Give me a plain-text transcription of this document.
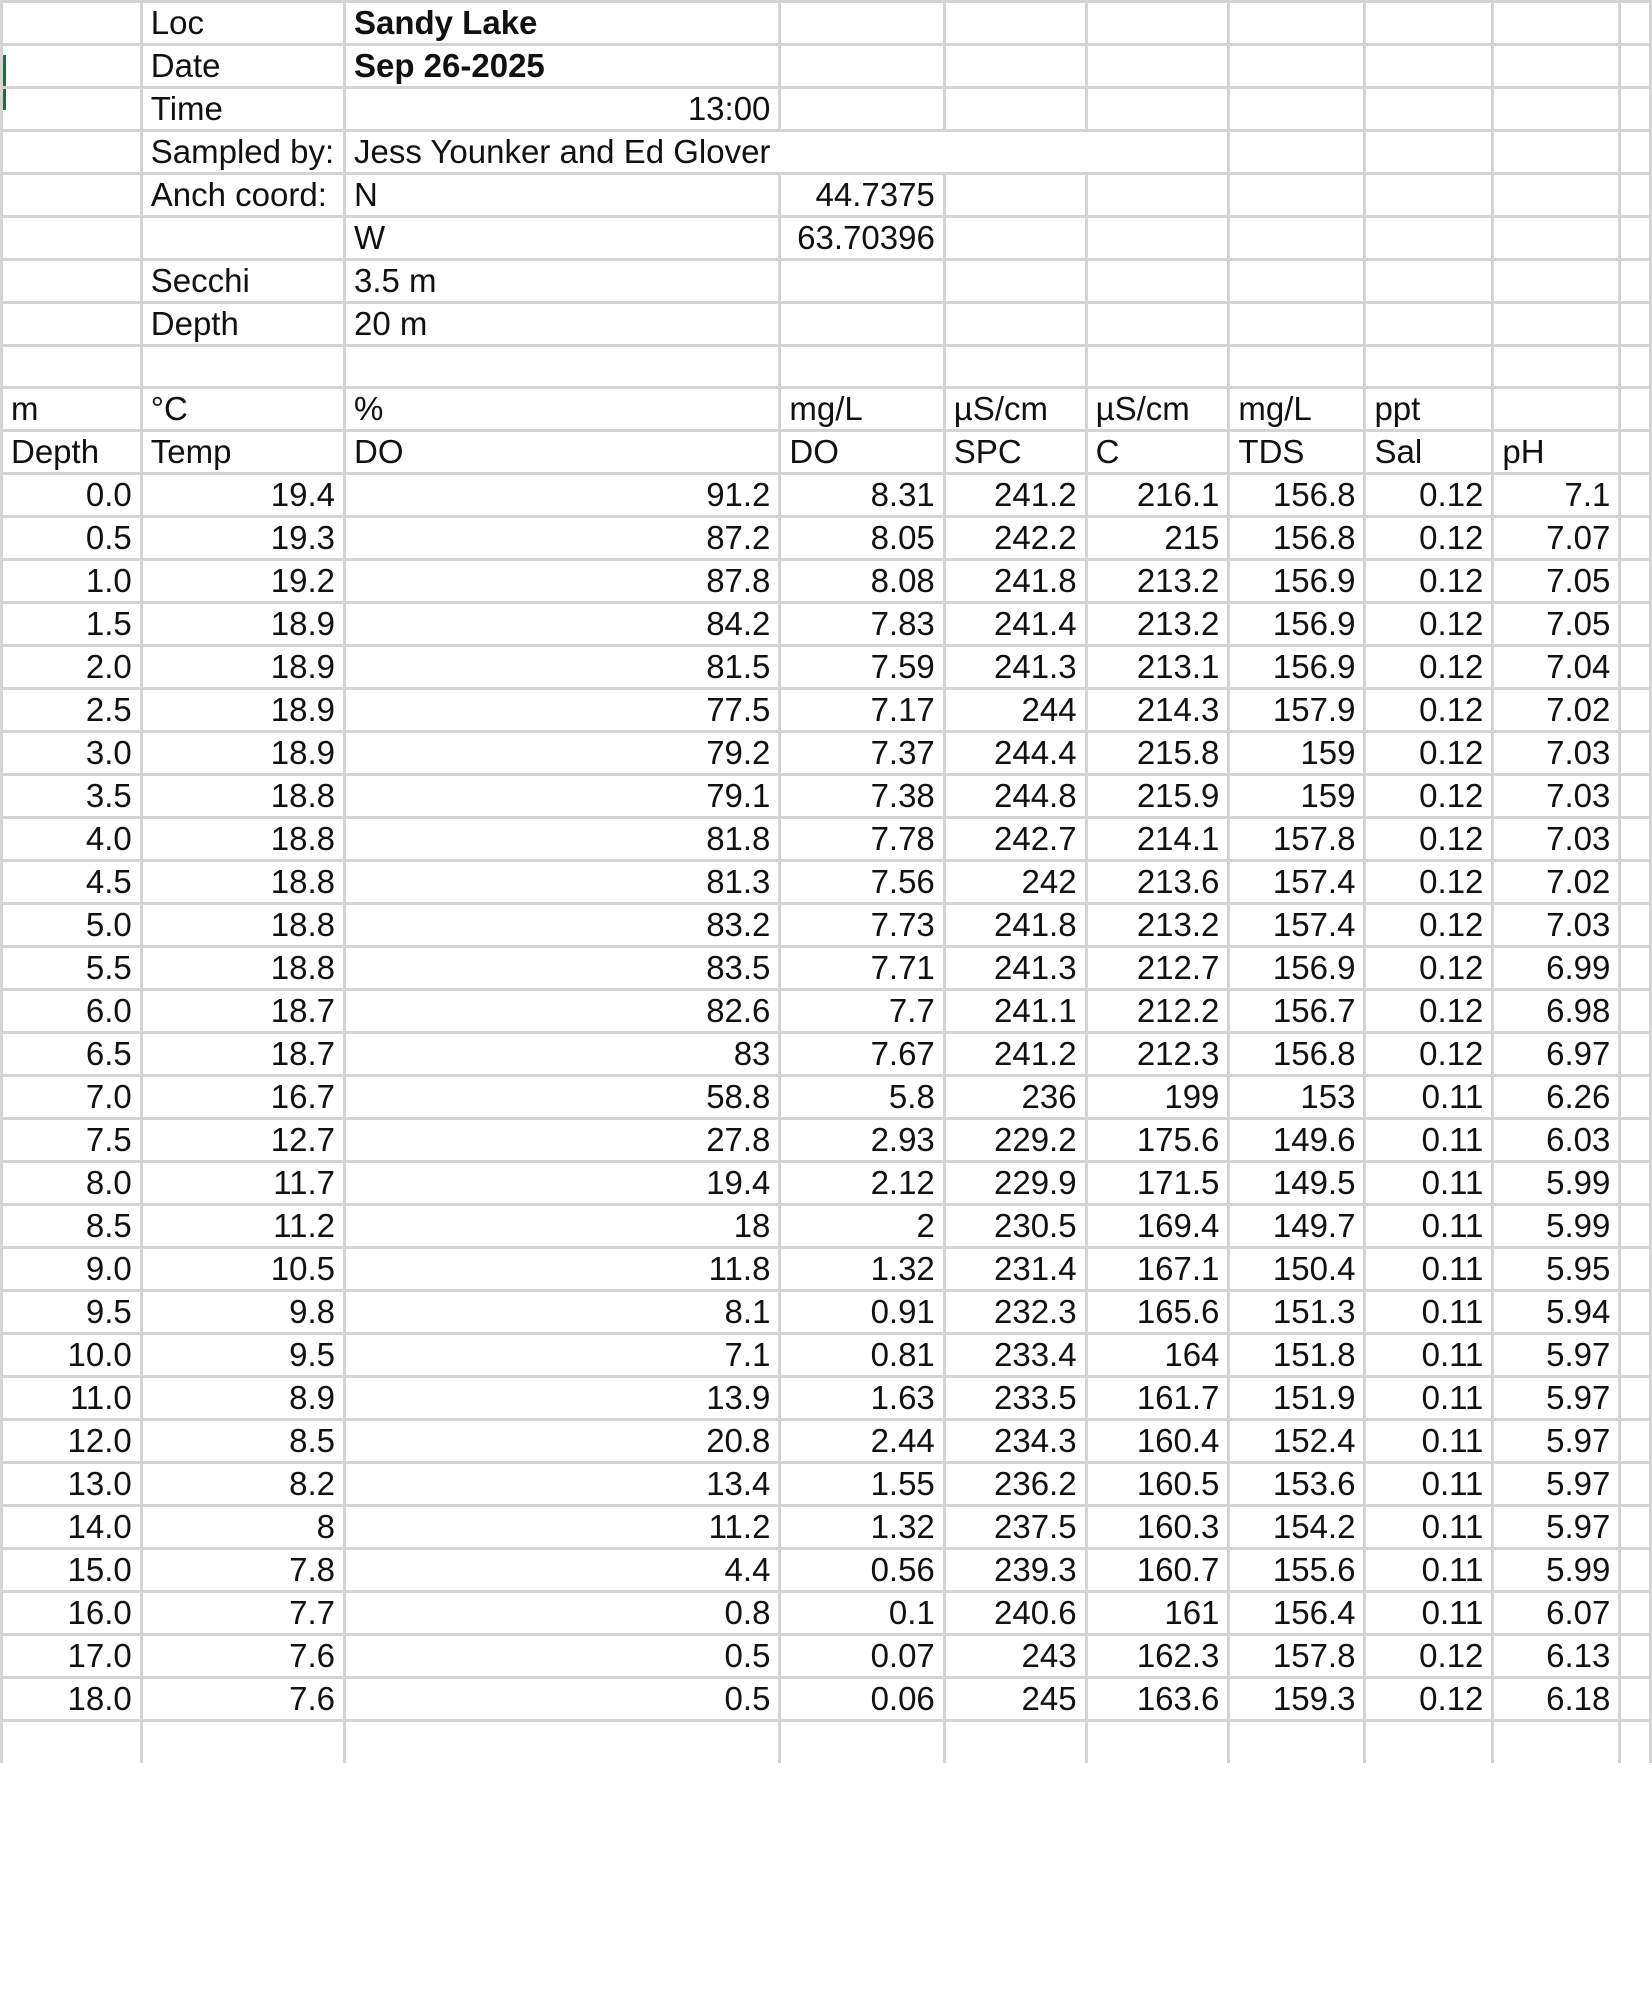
	Loc	Sandy Lake							
	Date	Sep 26-2025							
	Time	13:00							
	Sampled by:	Jess Younker and Ed Glover							
	Anch coord:	N	44.7375						
		W	63.70396						
	Secchi	3.5 m							
	Depth	20 m							

m	°C	%	mg/L	µS/cm	µS/cm	mg/L	ppt		
Depth	Temp	DO	DO	SPC	C	TDS	Sal	pH	
0.0	19.4	91.2	8.31	241.2	216.1	156.8	0.12	7.1	
0.5	19.3	87.2	8.05	242.2	215	156.8	0.12	7.07	
1.0	19.2	87.8	8.08	241.8	213.2	156.9	0.12	7.05	
1.5	18.9	84.2	7.83	241.4	213.2	156.9	0.12	7.05	
2.0	18.9	81.5	7.59	241.3	213.1	156.9	0.12	7.04	
2.5	18.9	77.5	7.17	244	214.3	157.9	0.12	7.02	
3.0	18.9	79.2	7.37	244.4	215.8	159	0.12	7.03	
3.5	18.8	79.1	7.38	244.8	215.9	159	0.12	7.03	
4.0	18.8	81.8	7.78	242.7	214.1	157.8	0.12	7.03	
4.5	18.8	81.3	7.56	242	213.6	157.4	0.12	7.02	
5.0	18.8	83.2	7.73	241.8	213.2	157.4	0.12	7.03	
5.5	18.8	83.5	7.71	241.3	212.7	156.9	0.12	6.99	
6.0	18.7	82.6	7.7	241.1	212.2	156.7	0.12	6.98	
6.5	18.7	83	7.67	241.2	212.3	156.8	0.12	6.97	
7.0	16.7	58.8	5.8	236	199	153	0.11	6.26	
7.5	12.7	27.8	2.93	229.2	175.6	149.6	0.11	6.03	
8.0	11.7	19.4	2.12	229.9	171.5	149.5	0.11	5.99	
8.5	11.2	18	2	230.5	169.4	149.7	0.11	5.99	
9.0	10.5	11.8	1.32	231.4	167.1	150.4	0.11	5.95	
9.5	9.8	8.1	0.91	232.3	165.6	151.3	0.11	5.94	
10.0	9.5	7.1	0.81	233.4	164	151.8	0.11	5.97	
11.0	8.9	13.9	1.63	233.5	161.7	151.9	0.11	5.97	
12.0	8.5	20.8	2.44	234.3	160.4	152.4	0.11	5.97	
13.0	8.2	13.4	1.55	236.2	160.5	153.6	0.11	5.97	
14.0	8	11.2	1.32	237.5	160.3	154.2	0.11	5.97	
15.0	7.8	4.4	0.56	239.3	160.7	155.6	0.11	5.99	
16.0	7.7	0.8	0.1	240.6	161	156.4	0.11	6.07	
17.0	7.6	0.5	0.07	243	162.3	157.8	0.12	6.13	
18.0	7.6	0.5	0.06	245	163.6	159.3	0.12	6.18	
